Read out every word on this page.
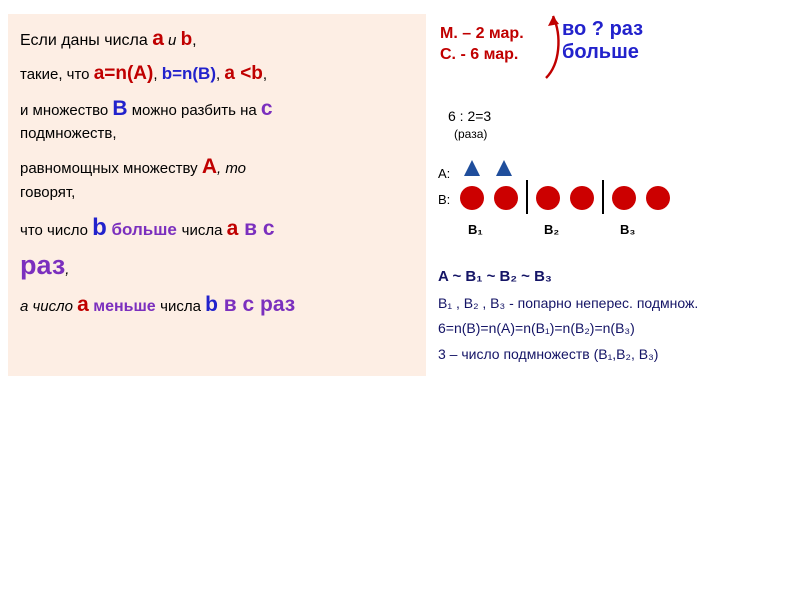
Если даны числа a и b,

такие, что a=n(A), b=n(B), a <b,

и множество B можно разбить на c

подмножеств,

равномощных множеству A, то

говорят,

что число b больше числа a в c

раз,

а число a меньше числа b в с раз

М. – 2 мар.
С. - 6 мар.
6 : 2=3
(раза)
во ? раз больше
А:
В:
В₁	В₂	В₃
A ~ B₁ ~ B₂ ~ B₃
B₁ , B₂ , B₃ - попарно неперес. подмнож.
6=n(B)=n(A)=n(B₁)=n(B₂)=n(B₃)
3 – число подмножеств (B₁,B₂, B₃)
